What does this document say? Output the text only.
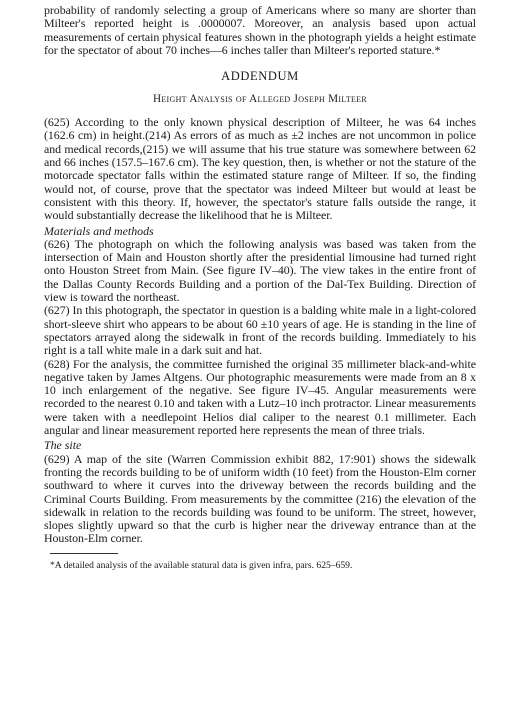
probability of randomly selecting a group of Americans where so many are shorter than Milteer's reported height is .0000007. Moreover, an analysis based upon actual measurements of certain physical features shown in the photograph yields a height estimate for the spectator of about 70 inches—6 inches taller than Milteer's reported stature.*

ADDENDUM

Height Analysis of Alleged Joseph Milteer

(625) According to the only known physical description of Milteer, he was 64 inches (162.6 cm) in height.(214) As errors of as much as ±2 inches are not uncommon in police and medical records,(215) we will assume that his true stature was somewhere between 62 and 66 inches (157.5–167.6 cm). The key question, then, is whether or not the stature of the motorcade spectator falls within the estimated stature range of Milteer. If so, the finding would not, of course, prove that the spectator was indeed Milteer but would at least be consistent with this theory. If, however, the spectator's stature falls outside the range, it would substantially decrease the likelihood that he is Milteer.

Materials and methods

(626) The photograph on which the following analysis was based was taken from the intersection of Main and Houston shortly after the presidential limousine had turned right onto Houston Street from Main. (See figure IV–40). The view takes in the entire front of the Dallas County Records Building and a portion of the Dal-Tex Building. Direction of view is toward the northeast.

(627) In this photograph, the spectator in question is a balding white male in a light-colored short-sleeve shirt who appears to be about 60 ±10 years of age. He is standing in the line of spectators arrayed along the sidewalk in front of the records building. Immediately to his right is a tall white male in a dark suit and hat.

(628) For the analysis, the committee furnished the original 35 millimeter black-and-white negative taken by James Altgens. Our photographic measurements were made from an 8 x 10 inch enlargement of the negative. See figure IV–45. Angular measurements were recorded to the nearest 0.10 and taken with a Lutz–10 inch protractor. Linear measurements were taken with a needlepoint Helios dial caliper to the nearest 0.1 millimeter. Each angular and linear measurement reported here represents the mean of three trials.

The site

(629) A map of the site (Warren Commission exhibit 882, 17:901) shows the sidewalk fronting the records building to be of uniform width (10 feet) from the Houston-Elm corner southward to where it curves into the driveway between the records building and the Criminal Courts Building. From measurements by the committee (216) the elevation of the sidewalk in relation to the records building was found to be uniform. The street, however, slopes slightly upward so that the curb is higher near the driveway entrance than at the Houston-Elm corner.

*A detailed analysis of the available statural data is given infra, pars. 625–659.
